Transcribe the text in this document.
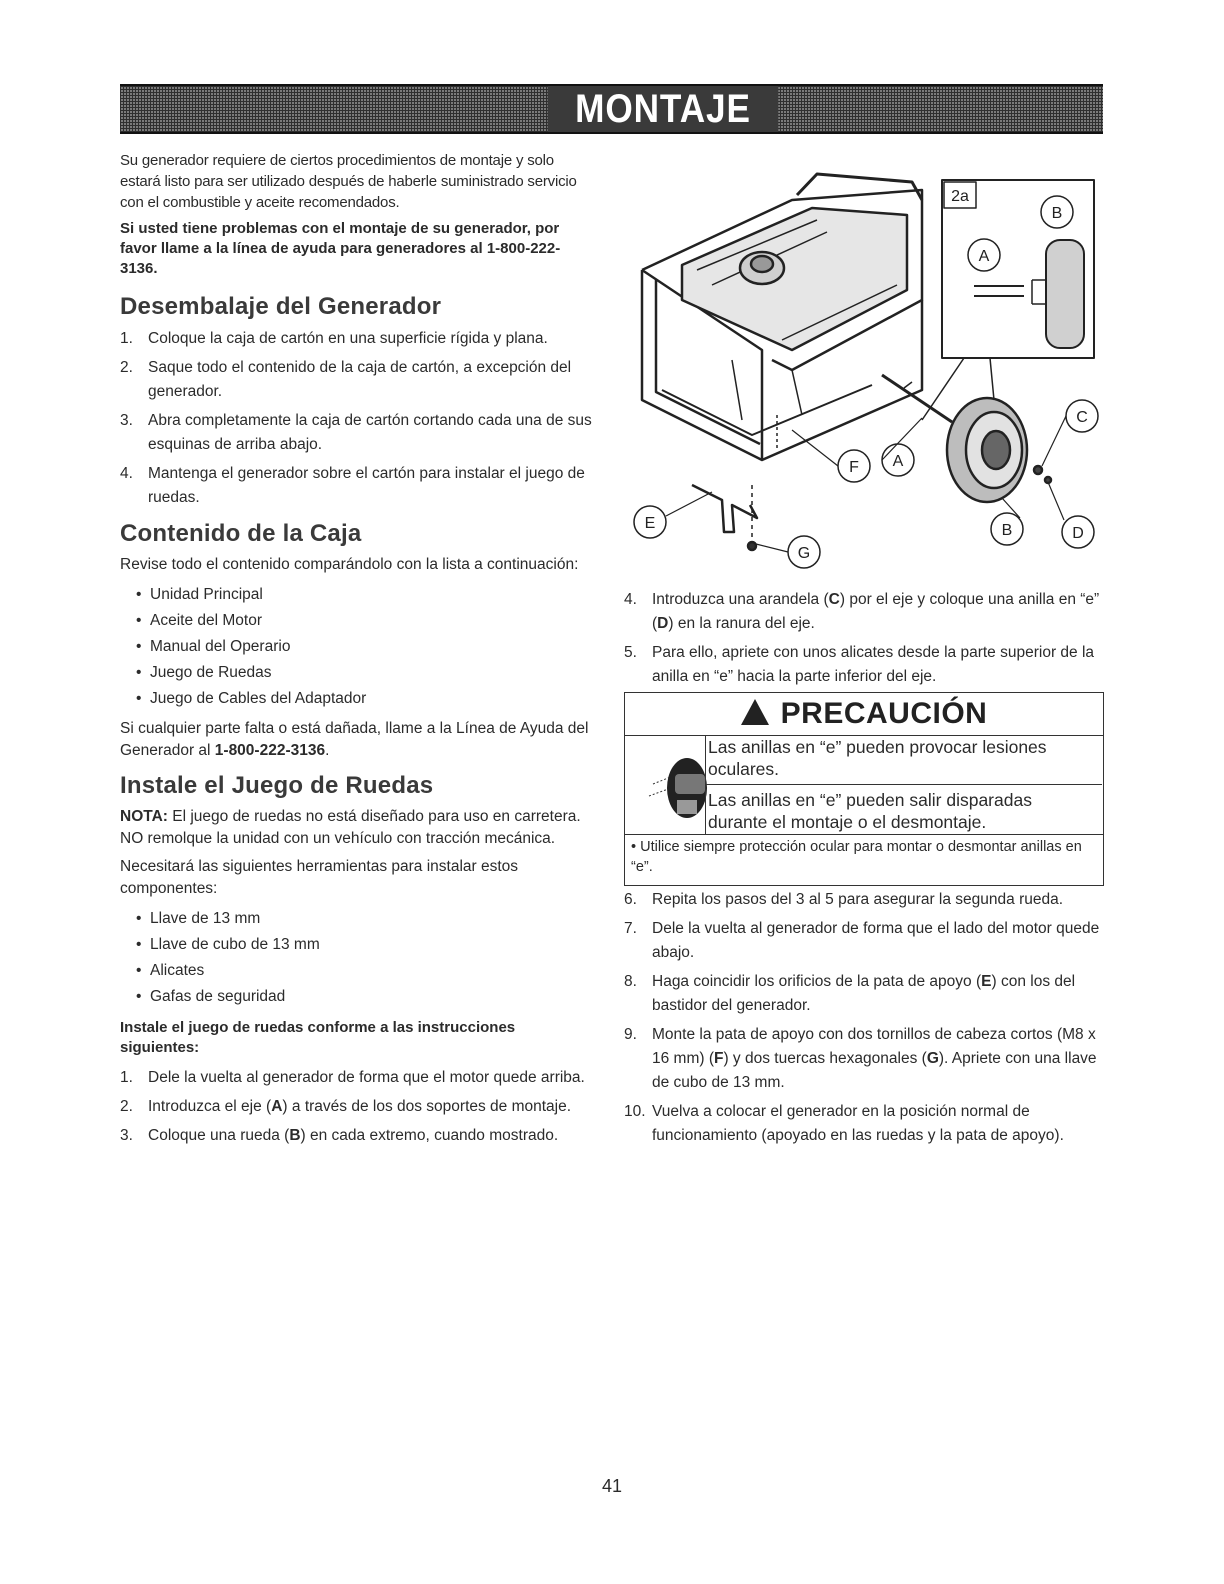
MONTAJE

Su generador requiere de ciertos procedimientos de montaje y solo estará listo para ser utilizado después de haberle suministrado servicio con el combustible y aceite recomendados.

Si usted tiene problemas con el montaje de su generador, por favor llame a la línea de ayuda para generadores al 1-800-222-3136.

Desembalaje del Generador
1. Coloque la caja de cartón en una superficie rígida y plana.
2. Saque todo el contenido de la caja de cartón, a excepción del generador.
3. Abra completamente la caja de cartón cortando cada una de sus esquinas de arriba abajo.
4. Mantenga el generador sobre el cartón para instalar el juego de ruedas.
Contenido de la Caja

Revise todo el contenido comparándolo con la lista a continuación:

• Unidad Principal
• Aceite del Motor
• Manual del Operario
• Juego de Ruedas
• Juego de Cables del Adaptador

Si cualquier parte falta o está dañada, llame a la Línea de Ayuda del Generador al 1-800-222-3136.

Instale el Juego de Ruedas

NOTA: El juego de ruedas no está diseñado para uso en carretera. NO remolque la unidad con un vehículo con tracción mecánica.

Necesitará las siguientes herramientas para instalar estos componentes:

• Llave de 13 mm
• Llave de cubo de 13 mm
• Alicates
• Gafas de seguridad

Instale el juego de ruedas conforme a las instrucciones siguientes:

1. Dele la vuelta al generador de forma que el motor quede arriba.
2. Introduzca el eje (A) a través de los dos soportes de montaje.
3. Coloque una rueda (B) en cada extremo, cuando mostrado.
2a
A
B
C
D
E
F
G
A
B
4. Introduzca una arandela (C) por el eje y coloque una anilla en “e” (D) en la ranura del eje.
5. Para ello, apriete con unos alicates desde la parte superior de la anilla en “e” hacia la parte inferior del eje.
PRECAUCIÓN
Las anillas en “e” pueden provocar lesiones
oculares.
Las anillas en “e” pueden salir disparadas
durante el montaje o el desmontaje.
• Utilice siempre protección ocular para montar o desmontar anillas en “e”.
6. Repita los pasos del 3 al 5 para asegurar la segunda rueda.
7. Dele la vuelta al generador de forma que el lado del motor quede abajo.
8. Haga coincidir los orificios de la pata de apoyo (E) con los del bastidor del generador.
9. Monte la pata de apoyo con dos tornillos de cabeza cortos (M8 x 16 mm) (F) y dos tuercas hexagonales (G). Apriete con una llave de cubo de 13 mm.
10. Vuelva a colocar el generador en la posición normal de funcionamiento (apoyado en las ruedas y la pata de apoyo).
41
